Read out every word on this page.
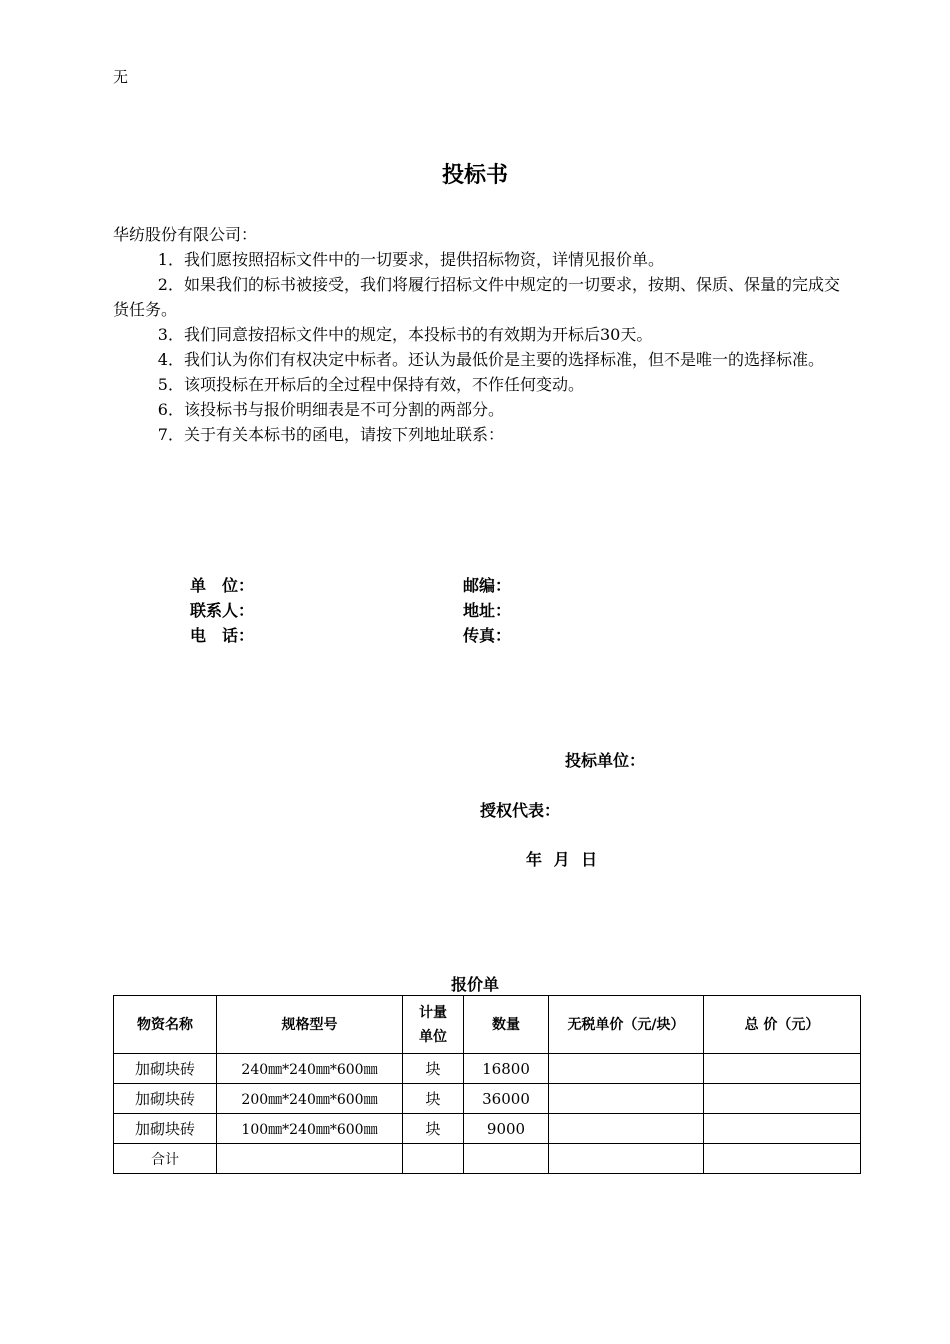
无
投标书

华纺股份有限公司：

1．我们愿按照招标文件中的一切要求，提供招标物资，详情见报价单。

2．如果我们的标书被接受，我们将履行招标文件中规定的一切要求，按期、保质、保量的完成交货任务。

3．我们同意按招标文件中的规定，本投标书的有效期为开标后30天。

4．我们认为你们有权决定中标者。还认为最低价是主要的选择标准，但不是唯一的选择标准。

5．该项投标在开标后的全过程中保持有效，不作任何变动。

6．该投标书与报价明细表是不可分割的两部分。

7．关于有关本标书的函电，请按下列地址联系：

单　位：	邮编：
联系人：	地址：
电　话：	传真：
投标单位：
授权代表：
年 月 日
报价单
物资名称	规格型号	计量单位	数量	无税单价（元/块）	总 价（元）
加砌块砖	240㎜*240㎜*600㎜	块	16800		
加砌块砖	200㎜*240㎜*600㎜	块	36000		
加砌块砖	100㎜*240㎜*600㎜	块	9000		
合计					
